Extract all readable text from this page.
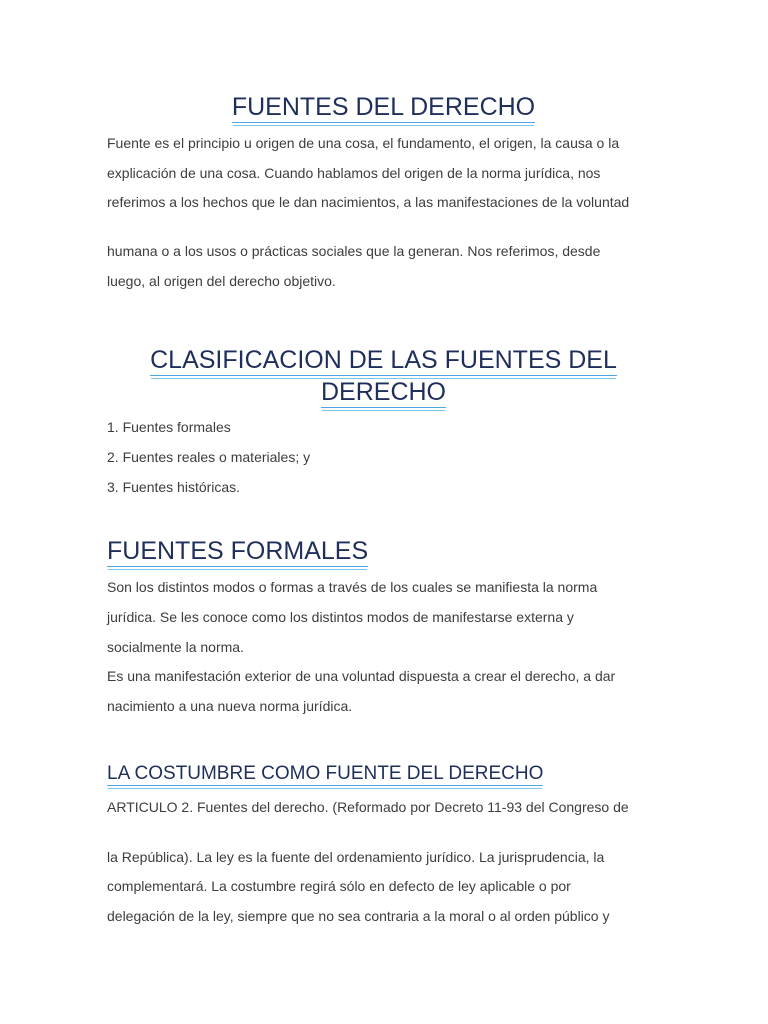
FUENTES DEL DERECHO

Fuente es el principio u origen de una cosa, el fundamento, el origen, la causa o la

explicación de una cosa. Cuando hablamos del origen de la norma jurídica, nos

referimos a los hechos que le dan nacimientos, a las manifestaciones de la voluntad

humana o a los usos o prácticas sociales que la generan. Nos referimos, desde

luego, al origen del derecho objetivo.

CLASIFICACION DE LAS FUENTES DEL
DERECHO

1. Fuentes formales

2. Fuentes reales o materiales; y

3. Fuentes históricas.

FUENTES FORMALES

Son los distintos modos o formas a través de los cuales se manifiesta la norma

jurídica. Se les conoce como los distintos modos de manifestarse externa y

socialmente la norma.

Es una manifestación exterior de una voluntad dispuesta a crear el derecho, a dar

nacimiento a una nueva norma jurídica.

LA COSTUMBRE COMO FUENTE DEL DERECHO

ARTICULO 2. Fuentes del derecho. (Reformado por Decreto 11-93 del Congreso de

la República). La ley es la fuente del ordenamiento jurídico. La jurisprudencia, la

complementará. La costumbre regirá sólo en defecto de ley aplicable o por

delegación de la ley, siempre que no sea contraria a la moral o al orden público y
